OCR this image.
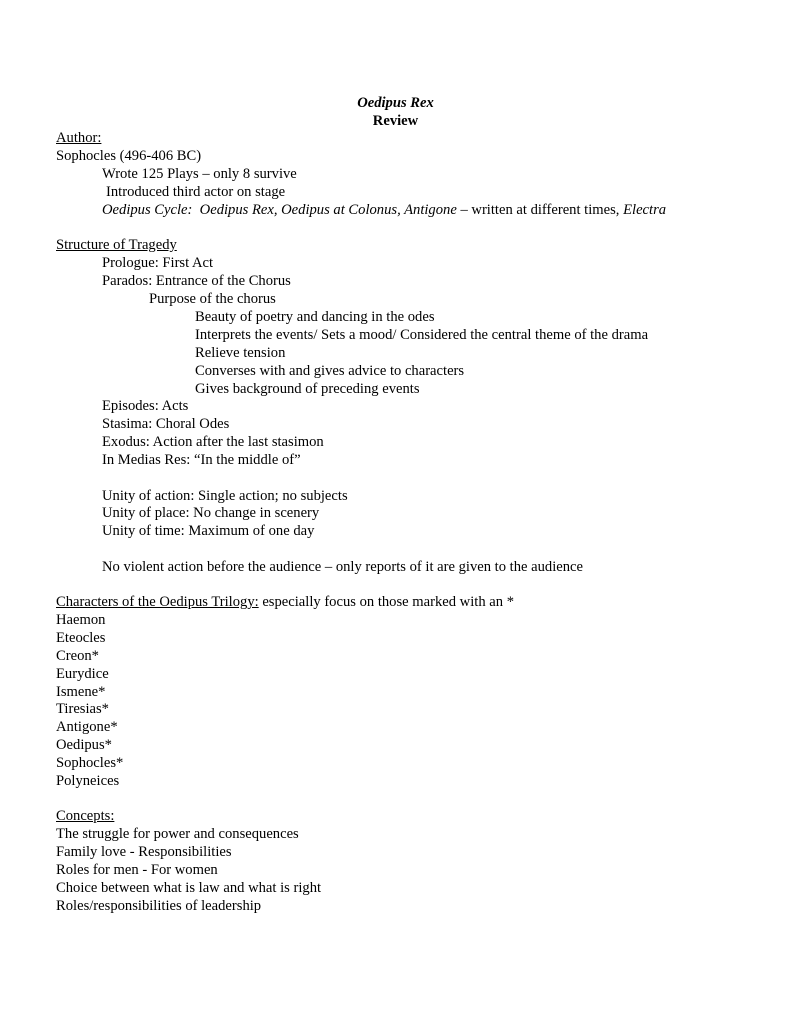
Oedipus Rex
Review
Author:
Sophocles (496-406 BC)
Wrote 125 Plays – only 8 survive
Introduced third actor on stage
Oedipus Cycle: Oedipus Rex, Oedipus at Colonus, Antigone – written at different times, Electra
Structure of Tragedy
Prologue: First Act
Parados: Entrance of the Chorus
Purpose of the chorus
Beauty of poetry and dancing in the odes
Interprets the events/ Sets a mood/ Considered the central theme of the drama
Relieve tension
Converses with and gives advice to characters
Gives background of preceding events
Episodes: Acts
Stasima: Choral Odes
Exodus: Action after the last stasimon
In Medias Res: “In the middle of”
Unity of action: Single action; no subjects
Unity of place: No change in scenery
Unity of time: Maximum of one day
No violent action before the audience – only reports of it are given to the audience
Characters of the Oedipus Trilogy: especially focus on those marked with an *
Haemon
Eteocles
Creon*
Eurydice
Ismene*
Tiresias*
Antigone*
Oedipus*
Sophocles*
Polyneices
Concepts:
The struggle for power and consequences
Family love - Responsibilities
Roles for men - For women
Choice between what is law and what is right
Roles/responsibilities of leadership
